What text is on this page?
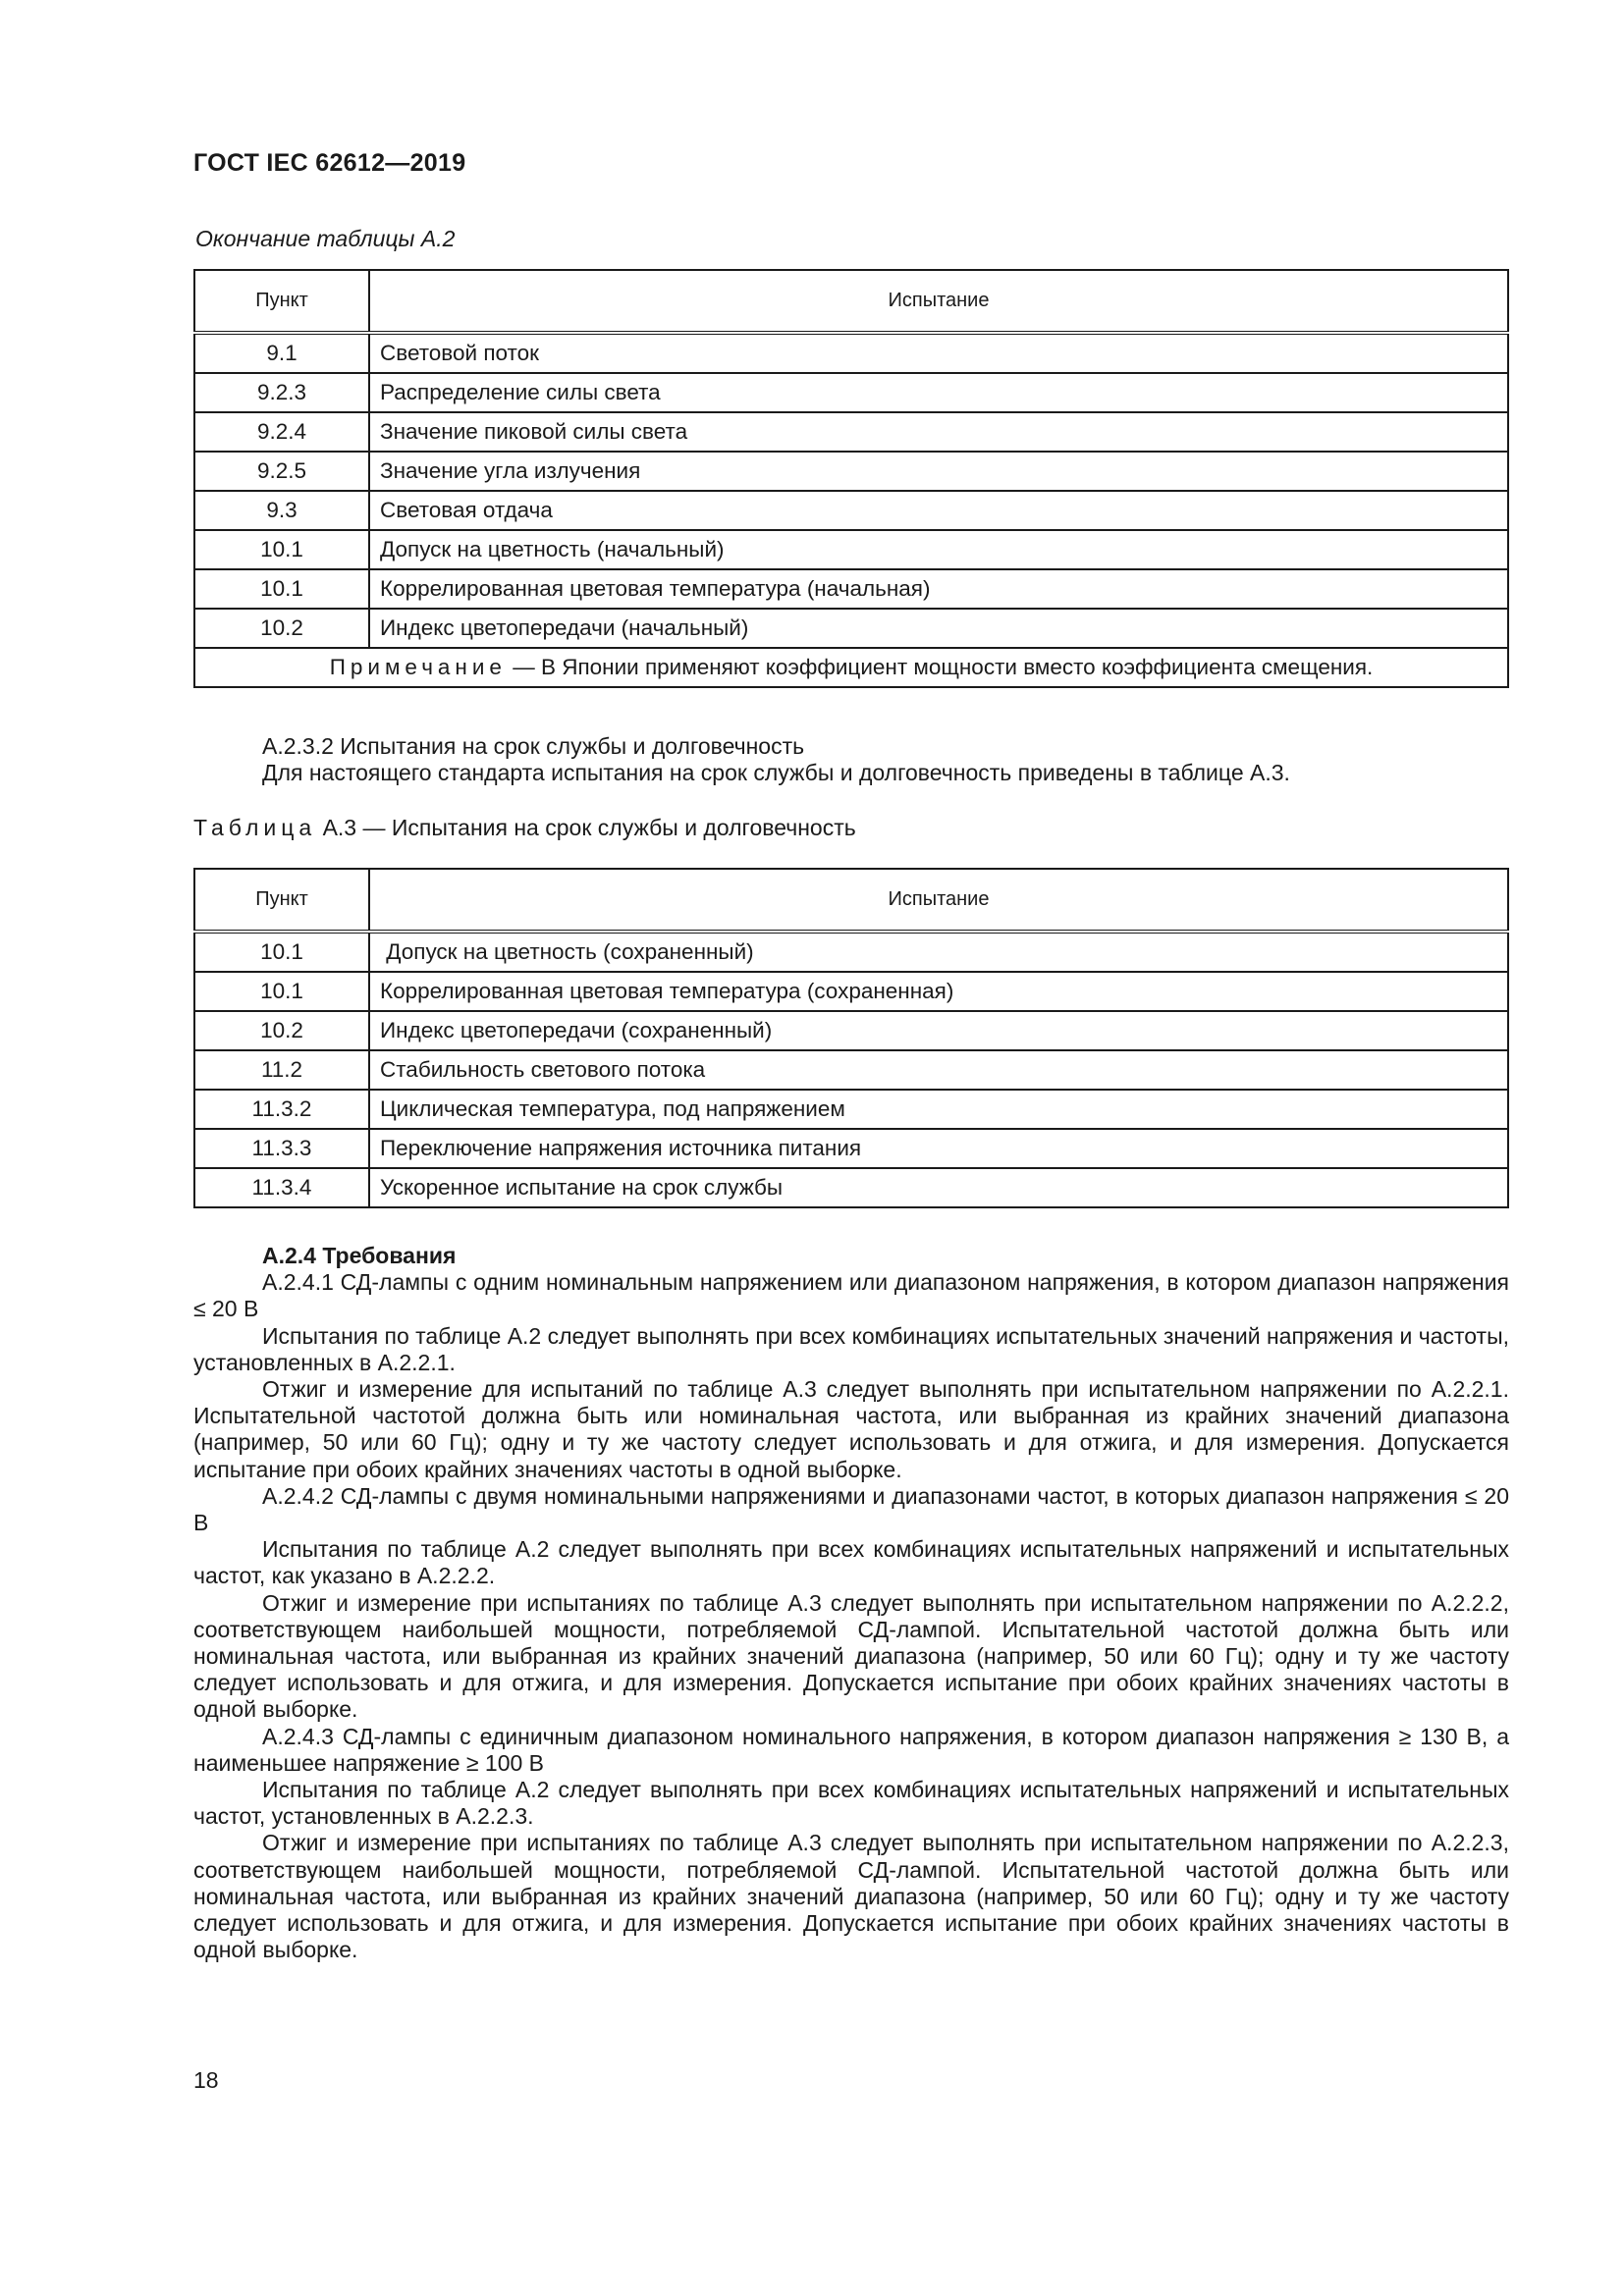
ГОСТ IEC 62612—2019
Окончание таблицы А.2
Пункт	Испытание
9.1	Световой поток
9.2.3	Распределение силы света
9.2.4	Значение пиковой силы света
9.2.5	Значение угла излучения
9.3	Световая отдача
10.1	Допуск на цветность (начальный)
10.1	Коррелированная цветовая температура (начальная)
10.2	Индекс цветопередачи (начальный)
Примечание — В Японии применяют коэффициент мощности вместо коэффициента смещения.	

А.2.3.2 Испытания на срок службы и долговечность

Для настоящего стандарта испытания на срок службы и долговечность приведены в таблице А.3.

Таблица А.3 — Испытания на срок службы и долговечность
Пункт	Испытание
10.1	Допуск на цветность (сохраненный)
10.1	Коррелированная цветовая температура (сохраненная)
10.2	Индекс цветопередачи (сохраненный)
11.2	Стабильность светового потока
11.3.2	Циклическая температура, под напряжением
11.3.3	Переключение напряжения источника питания
11.3.4	Ускоренное испытание на срок службы

А.2.4 Требования

А.2.4.1 СД-лампы с одним номинальным напряжением или диапазоном напряжения, в котором диапазон напряжения ≤ 20 В

Испытания по таблице А.2 следует выполнять при всех комбинациях испытательных значений напряжения и частоты, установленных в А.2.2.1.

Отжиг и измерение для испытаний по таблице А.3 следует выполнять при испытательном напряжении по А.2.2.1. Испытательной частотой должна быть или номинальная частота, или выбранная из крайних значений диапазона (например, 50 или 60 Гц); одну и ту же частоту следует использовать и для отжига, и для измерения. Допускается испытание при обоих крайних значениях частоты в одной выборке.

А.2.4.2 СД-лампы с двумя номинальными напряжениями и диапазонами частот, в которых диапазон напряжения ≤ 20 В

Испытания по таблице А.2 следует выполнять при всех комбинациях испытательных напряжений и испытательных частот, как указано в А.2.2.2.

Отжиг и измерение при испытаниях по таблице А.3 следует выполнять при испытательном напряжении по А.2.2.2, соответствующем наибольшей мощности, потребляемой СД-лампой. Испытательной частотой должна быть или номинальная частота, или выбранная из крайних значений диапазона (например, 50 или 60 Гц); одну и ту же частоту следует использовать и для отжига, и для измерения. Допускается испытание при обоих крайних значениях частоты в одной выборке.

А.2.4.3 СД-лампы с единичным диапазоном номинального напряжения, в котором диапазон напряжения ≥ 130 В, а наименьшее напряжение ≥ 100 В

Испытания по таблице А.2 следует выполнять при всех комбинациях испытательных напряжений и испытательных частот, установленных в А.2.2.3.

Отжиг и измерение при испытаниях по таблице А.3 следует выполнять при испытательном напряжении по А.2.2.3, соответствующем наибольшей мощности, потребляемой СД-лампой. Испытательной частотой должна быть или номинальная частота, или выбранная из крайних значений диапазона (например, 50 или 60 Гц); одну и ту же частоту следует использовать и для отжига, и для измерения. Допускается испытание при обоих крайних значениях частоты в одной выборке.

18
